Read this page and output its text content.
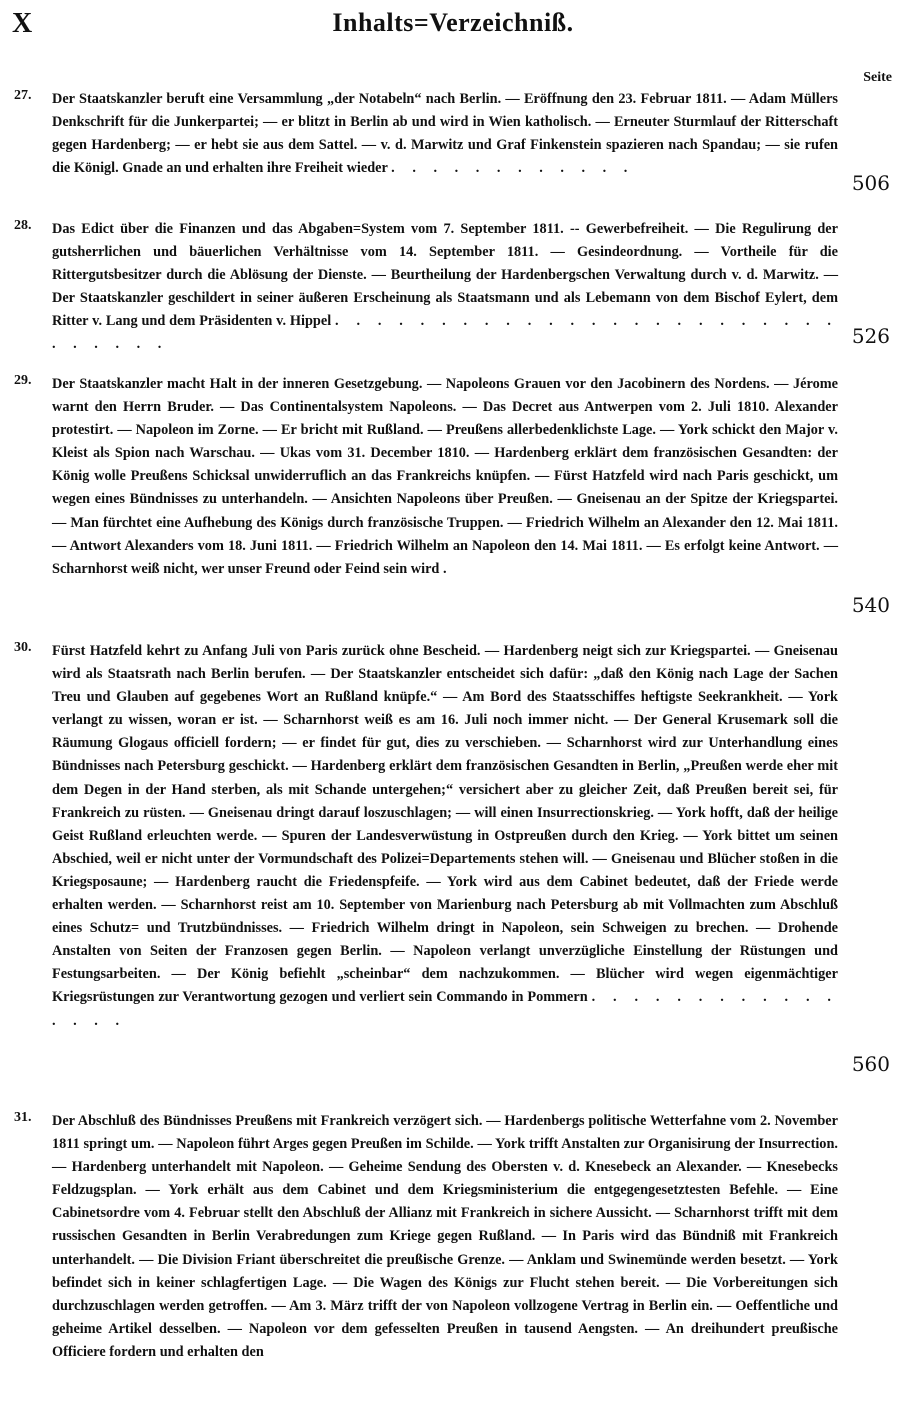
X	Inhalts=Verzeichniß.
Seite
27. Der Staatskanzler beruft eine Versammlung „der Notabeln“ nach Berlin. — Eröffnung den 23. Februar 1811. — Adam Müllers Denkschrift für die Junkerpartei; — er blitzt in Berlin ab und wird in Wien katholisch. — Erneuter Sturmlauf der Ritterschaft gegen Hardenberg; — er hebt sie aus dem Sattel. — v. d. Marwitz und Graf Finkenstein spazieren nach Spandau; — sie rufen die Königl. Gnade an und erhalten ihre Freiheit wieder . . . . . . . . . . . .
506
28. Das Edict über die Finanzen und das Abgaben=System vom 7. September 1811. -- Gewerbefreiheit. — Die Regulirung der gutsherrlichen und bäuerlichen Verhältnisse vom 14. September 1811. — Gesindeordnung. — Vortheile für die Rittergutsbesitzer durch die Ablösung der Dienste. — Beurtheilung der Hardenbergschen Verwaltung durch v. d. Marwitz. — Der Staatskanzler geschildert in seiner äußeren Erscheinung als Staatsmann und als Lebemann von dem Bischof Eylert, dem Ritter v. Lang und dem Präsidenten v. Hippel . . . . . . . . . . . . . . . . . . . . . . . . . . . . . .	526
29. Der Staatskanzler macht Halt in der inneren Gesetzgebung. — Napoleons Grauen vor den Jacobinern des Nordens. — Jérome warnt den Herrn Bruder. — Das Continentalsystem Napoleons. — Das Decret aus Antwerpen vom 2. Juli 1810. Alexander protestirt. — Napoleon im Zorne. — Er bricht mit Rußland. — Preußens allerbedenklichste Lage. — York schickt den Major v. Kleist als Spion nach Warschau. — Ukas vom 31. December 1810. — Hardenberg erklärt dem französischen Gesandten: der König wolle Preußens Schicksal unwiderruflich an das Frankreichs knüpfen. — Fürst Hatzfeld wird nach Paris geschickt, um wegen eines Bündnisses zu unterhandeln. — Ansichten Napoleons über Preußen. — Gneisenau an der Spitze der Kriegspartei. — Man fürchtet eine Aufhebung des Königs durch französische Truppen. — Friedrich Wilhelm an Alexander den 12. Mai 1811. — Antwort Alexanders vom 18. Juni 1811. — Friedrich Wilhelm an Napoleon den 14. Mai 1811. — Es erfolgt keine Antwort. — Scharnhorst weiß nicht, wer unser Freund oder Feind sein wird .
540
30. Fürst Hatzfeld kehrt zu Anfang Juli von Paris zurück ohne Bescheid. — Hardenberg neigt sich zur Kriegspartei. — Gneisenau wird als Staatsrath nach Berlin berufen. — Der Staatskanzler entscheidet sich dafür: „daß den König nach Lage der Sachen Treu und Glauben auf gegebenes Wort an Rußland knüpfe.“ — Am Bord des Staatsschiffes heftigste Seekrankheit. — York verlangt zu wissen, woran er ist. — Scharnhorst weiß es am 16. Juli noch immer nicht. — Der General Krusemark soll die Räumung Glogaus officiell fordern; — er findet für gut, dies zu verschieben. — Scharnhorst wird zur Unterhandlung eines Bündnisses nach Petersburg geschickt. — Hardenberg erklärt dem französischen Gesandten in Berlin, „Preußen werde eher mit dem Degen in der Hand sterben, als mit Schande untergehen;“ versichert aber zu gleicher Zeit, daß Preußen bereit sei, für Frankreich zu rüsten. — Gneisenau dringt darauf loszuschlagen; — will einen Insurrectionskrieg. — York hofft, daß der heilige Geist Rußland erleuchten werde. — Spuren der Landesverwüstung in Ostpreußen durch den Krieg. — York bittet um seinen Abschied, weil er nicht unter der Vormundschaft des Polizei=Departements stehen will. — Gneisenau und Blücher stoßen in die Kriegsposaune; — Hardenberg raucht die Friedenspfeife. — York wird aus dem Cabinet bedeutet, daß der Friede werde erhalten werden. — Scharnhorst reist am 10. September von Marienburg nach Petersburg ab mit Vollmachten zum Abschluß eines Schutz= und Trutzbündnisses. — Friedrich Wilhelm dringt in Napoleon, sein Schweigen zu brechen. — Drohende Anstalten von Seiten der Franzosen gegen Berlin. — Napoleon verlangt unverzügliche Einstellung der Rüstungen und Festungsarbeiten. — Der König befiehlt „scheinbar“ dem nachzukommen. — Blücher wird wegen eigenmächtiger Kriegsrüstungen zur Verantwortung gezogen und verliert sein Commando in Pommern . . . . . . . . . . . . . . . .
560
31. Der Abschluß des Bündnisses Preußens mit Frankreich verzögert sich. — Hardenbergs politische Wetterfahne vom 2. November 1811 springt um. — Napoleon führt Arges gegen Preußen im Schilde. — York trifft Anstalten zur Organisirung der Insurrection. — Hardenberg unterhandelt mit Napoleon. — Geheime Sendung des Obersten v. d. Knesebeck an Alexander. — Knesebecks Feldzugsplan. — York erhält aus dem Cabinet und dem Kriegsministerium die entgegengesetztesten Befehle. — Eine Cabinetsordre vom 4. Februar stellt den Abschluß der Allianz mit Frankreich in sichere Aussicht. — Scharnhorst trifft mit dem russischen Gesandten in Berlin Verabredungen zum Kriege gegen Rußland. — In Paris wird das Bündniß mit Frankreich unterhandelt. — Die Division Friant überschreitet die preußische Grenze. — Anklam und Swinemünde werden besetzt. — York befindet sich in keiner schlagfertigen Lage. — Die Wagen des Königs zur Flucht stehen bereit. — Die Vorbereitungen sich durchzuschlagen werden getroffen. — Am 3. März trifft der von Napoleon vollzogene Vertrag in Berlin ein. — Oeffentliche und geheime Artikel desselben. — Napoleon vor dem gefesselten Preußen in tausend Aengsten. — An dreihundert preußische Officiere fordern und erhalten den
